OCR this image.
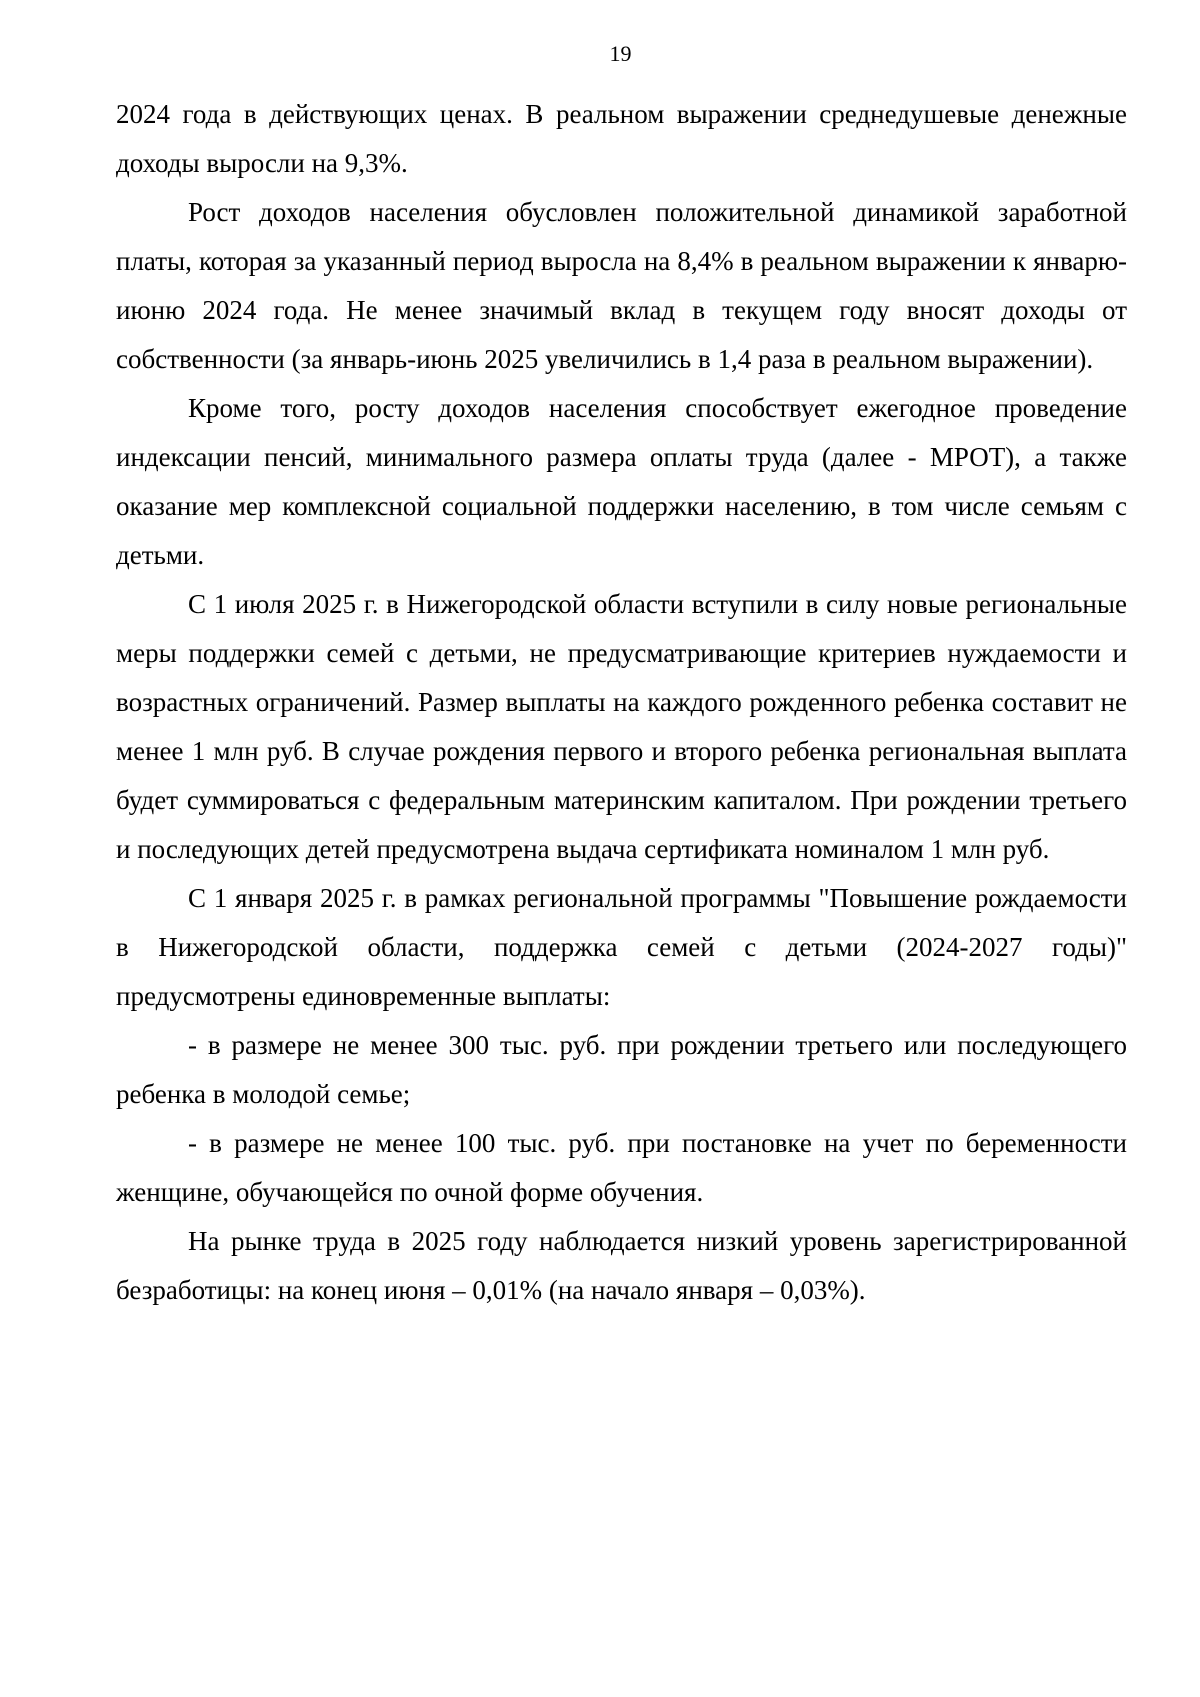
19

2024 года в действующих ценах. В реальном выражении среднедушевые денежные доходы выросли на 9,3%.

Рост доходов населения обусловлен положительной динамикой заработной платы, которая за указанный период выросла на 8,4% в реальном выражении к январю-июню 2024 года. Не менее значимый вклад в текущем году вносят доходы от собственности (за январь-июнь 2025 увеличились в 1,4 раза в реальном выражении).

Кроме того, росту доходов населения способствует ежегодное проведение индексации пенсий, минимального размера оплаты труда (далее - МРОТ), а также оказание мер комплексной социальной поддержки населению, в том числе семьям с детьми.

С 1 июля 2025 г. в Нижегородской области вступили в силу новые региональные меры поддержки семей с детьми, не предусматривающие критериев нуждаемости и возрастных ограничений. Размер выплаты на каждого рожденного ребенка составит не менее 1 млн руб. В случае рождения первого и второго ребенка региональная выплата будет суммироваться с федеральным материнским капиталом. При рождении третьего и последующих детей предусмотрена выдача сертификата номиналом 1 млн руб.

С 1 января 2025 г. в рамках региональной программы "Повышение рождаемости в Нижегородской области, поддержка семей с детьми (2024-2027 годы)" предусмотрены единовременные выплаты:

- в размере не менее 300 тыс. руб. при рождении третьего или последующего ребенка в молодой семье;

- в размере не менее 100 тыс. руб. при постановке на учет по беременности женщине, обучающейся по очной форме обучения.

На рынке труда в 2025 году наблюдается низкий уровень зарегистрированной безработицы: на конец июня – 0,01% (на начало января – 0,03%).
